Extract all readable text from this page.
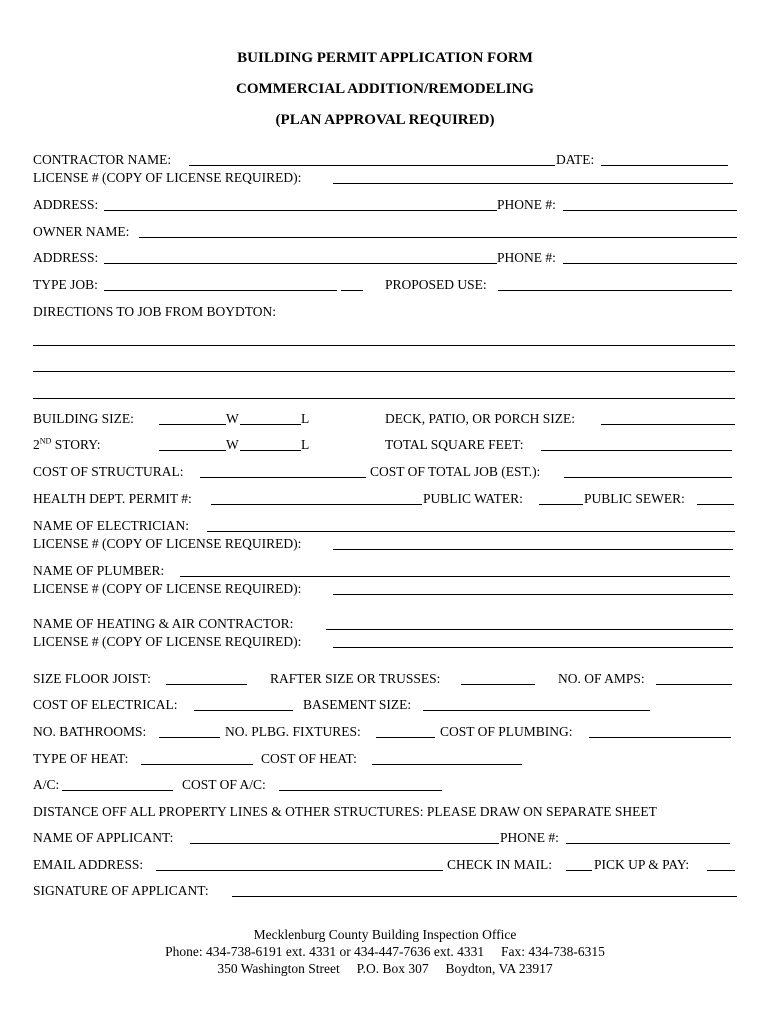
BUILDING PERMIT APPLICATION FORM
COMMERCIAL ADDITION/REMODELING
(PLAN APPROVAL REQUIRED)
CONTRACTOR NAME:	DATE:
LICENSE # (COPY OF LICENSE REQUIRED):
ADDRESS:	PHONE #:
OWNER NAME:
ADDRESS:	PHONE #:
TYPE JOB:	PROPOSED USE:
DIRECTIONS TO JOB FROM BOYDTON:
BUILDING SIZE:	W	L	DECK, PATIO, OR PORCH SIZE:
2ND STORY:	W	L	TOTAL SQUARE FEET:
COST OF STRUCTURAL:	COST OF TOTAL JOB (EST.):
HEALTH DEPT. PERMIT #:	PUBLIC WATER:	PUBLIC SEWER:
NAME OF ELECTRICIAN:
LICENSE # (COPY OF LICENSE REQUIRED):
NAME OF PLUMBER:
LICENSE # (COPY OF LICENSE REQUIRED):
NAME OF HEATING & AIR CONTRACTOR:
LICENSE # (COPY OF LICENSE REQUIRED):
SIZE FLOOR JOIST:	RAFTER SIZE OR TRUSSES:	NO. OF AMPS:
COST OF ELECTRICAL:	BASEMENT SIZE:
NO. BATHROOMS:	NO. PLBG. FIXTURES:	COST OF PLUMBING:
TYPE OF HEAT:	COST OF HEAT:
A/C:	COST OF A/C:
DISTANCE OFF ALL PROPERTY LINES & OTHER STRUCTURES: PLEASE DRAW ON SEPARATE SHEET
NAME OF APPLICANT:	PHONE #:
EMAIL ADDRESS:	CHECK IN MAIL:	PICK UP & PAY:
SIGNATURE OF APPLICANT:
Mecklenburg County Building Inspection Office
Phone: 434-738-6191 ext. 4331 or 434-447-7636 ext. 4331     Fax: 434-738-6315
350 Washington Street     P.O. Box 307     Boydton, VA 23917
